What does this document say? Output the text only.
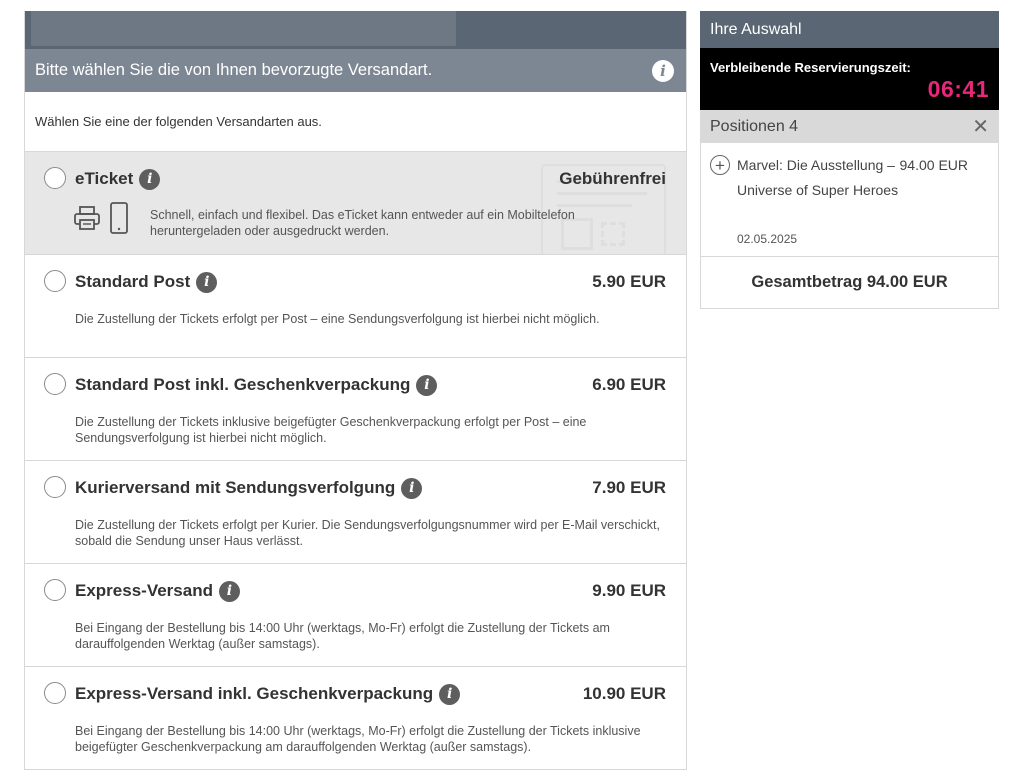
Bitte wählen Sie die von Ihnen bevorzugte Versandart.	i
Wählen Sie eine der folgenden Versandarten aus.
eTicket i	Gebührenfrei
Schnell, einfach und flexibel. Das eTicket kann entweder auf ein Mobiltelefon heruntergeladen oder ausgedruckt werden.
Standard Post i	5.90 EUR
Die Zustellung der Tickets erfolgt per Post – eine Sendungsverfolgung ist hierbei nicht möglich.
Standard Post inkl. Geschenkverpackung i	6.90 EUR
Die Zustellung der Tickets inklusive beigefügter Geschenkverpackung erfolgt per Post – eine Sendungsverfolgung ist hierbei nicht möglich.
Kurierversand mit Sendungsverfolgung i	7.90 EUR
Die Zustellung der Tickets erfolgt per Kurier. Die Sendungsverfolgungsnummer wird per E-Mail verschickt, sobald die Sendung unser Haus verlässt.
Express-Versand i	9.90 EUR
Bei Eingang der Bestellung bis 14:00 Uhr (werktags, Mo-Fr) erfolgt die Zustellung der Tickets am darauffolgenden Werktag (außer samstags).
Express-Versand inkl. Geschenkverpackung i	10.90 EUR
Bei Eingang der Bestellung bis 14:00 Uhr (werktags, Mo-Fr) erfolgt die Zustellung der Tickets inklusive beigefügter Geschenkverpackung am darauffolgenden Werktag (außer samstags).
Ihre Auswahl
Verbleibende Reservierungszeit:
06:41
Positionen 4	✕
+ Marvel: Die Ausstellung – Universe of Super Heroes
94.00 EUR
02.05.2025
Gesamtbetrag 94.00 EUR
